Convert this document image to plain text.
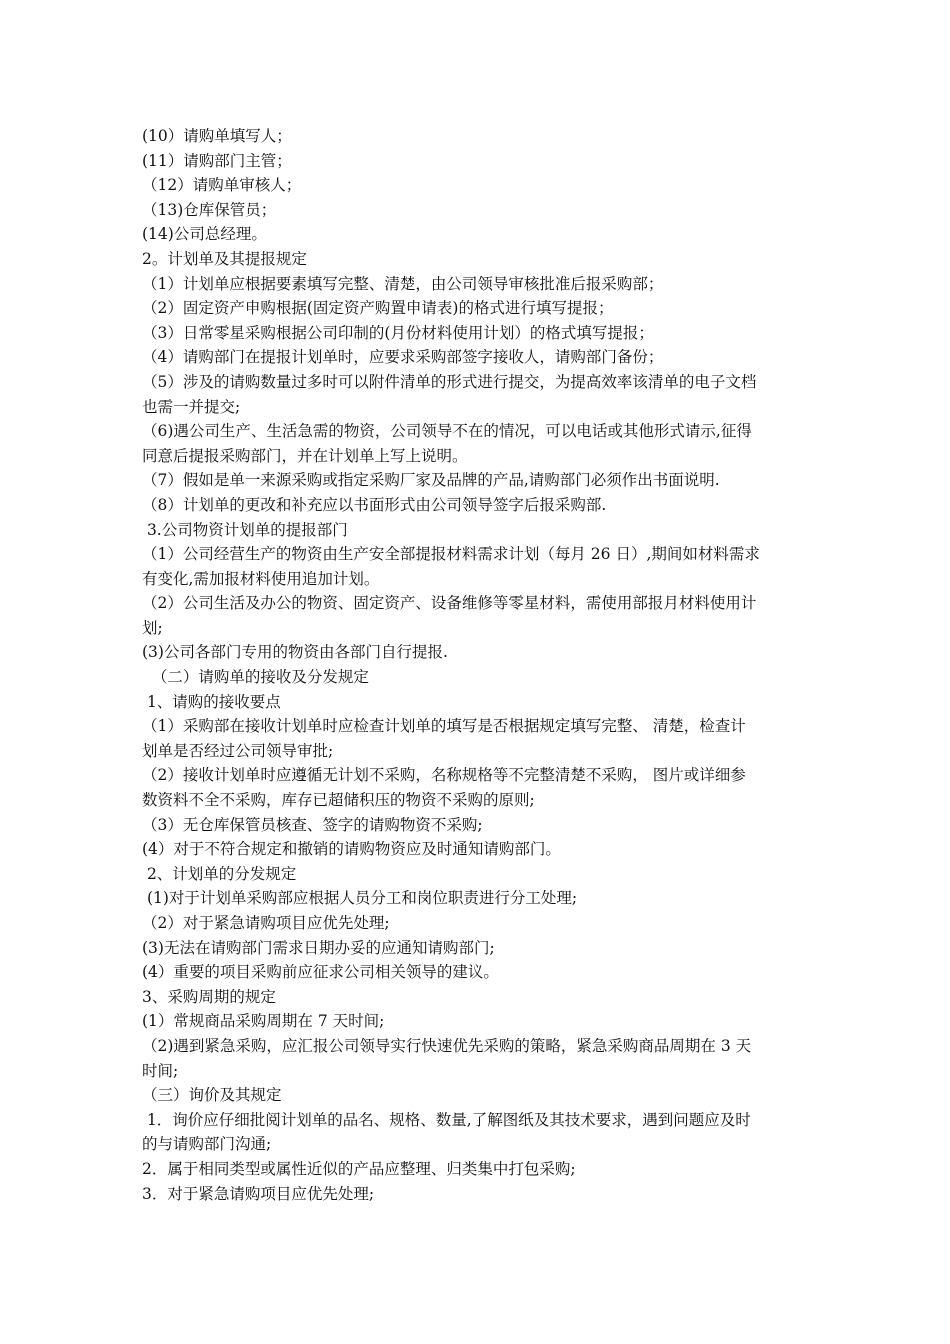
(10）请购单填写人；
(11）请购部门主管；
（12）请购单审核人；
（13)仓库保管员；
(14)公司总经理。
2。计划单及其提报规定
（1）计划单应根据要素填写完整、清楚，由公司领导审核批准后报采购部；
（2）固定资产申购根据(固定资产购置申请表)的格式进行填写提报；
（3）日常零星采购根据公司印制的(月份材料使用计划）的格式填写提报；
（4）请购部门在提报计划单时，应要求采购部签字接收人，请购部门备份；
（5）涉及的请购数量过多时可以附件清单的形式进行提交，为提高效率该清单的电子文档
也需一并提交;
（6)遇公司生产、生活急需的物资，公司领导不在的情况，可以电话或其他形式请示,征得
同意后提报采购部门，并在计划单上写上说明。
（7）假如是单一来源采购或指定采购厂家及品牌的产品,请购部门必须作出书面说明.
（8）计划单的更改和补充应以书面形式由公司领导签字后报采购部.
3.公司物资计划单的提报部门
（1）公司经营生产的物资由生产安全部提报材料需求计划（每月 26 日）,期间如材料需求
有变化,需加报材料使用追加计划。
（2）公司生活及办公的物资、固定资产、设备维修等零星材料，需使用部报月材料使用计
划;
(3)公司各部门专用的物资由各部门自行提报.
（二）请购单的接收及分发规定
1、请购的接收要点
（1）采购部在接收计划单时应检查计划单的填写是否根据规定填写完整、 清楚，检查计
划单是否经过公司领导审批;
（2）接收计划单时应遵循无计划不采购，名称规格等不完整清楚不采购， 图片或详细参
数资料不全不采购，库存已超储积压的物资不采购的原则;
（3）无仓库保管员核查、签字的请购物资不采购;
(4）对于不符合规定和撤销的请购物资应及时通知请购部门。
2、计划单的分发规定
(1)对于计划单采购部应根据人员分工和岗位职责进行分工处理;
（2）对于紧急请购项目应优先处理;
(3)无法在请购部门需求日期办妥的应通知请购部门;
(4）重要的项目采购前应征求公司相关领导的建议。
3、采购周期的规定
(1）常规商品采购周期在 7 天时间;
（2)遇到紧急采购，应汇报公司领导实行快速优先采购的策略，紧急采购商品周期在 3 天
时间;
（三）询价及其规定
1．询价应仔细批阅计划单的品名、规格、数量,了解图纸及其技术要求，遇到问题应及时
的与请购部门沟通;
2．属于相同类型或属性近似的产品应整理、归类集中打包采购;
3．对于紧急请购项目应优先处理;
